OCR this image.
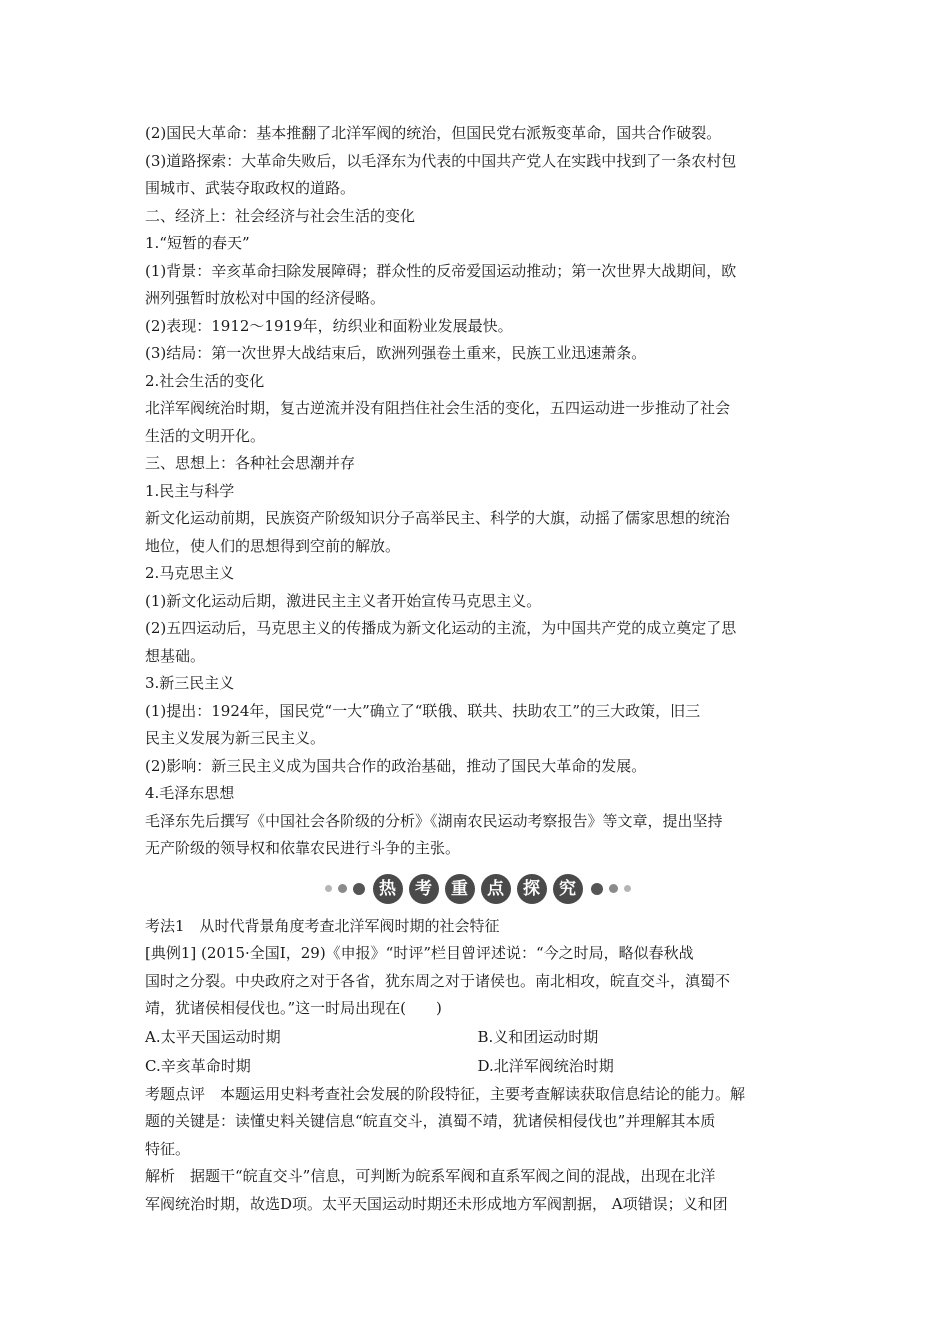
(2)国民大革命：基本推翻了北洋军阀的统治，但国民党右派叛变革命，国共合作破裂。

(3)道路探索：大革命失败后，以毛泽东为代表的中国共产党人在实践中找到了一条农村包

围城市、武装夺取政权的道路。

二、经济上：社会经济与社会生活的变化

1.“短暂的春天”

(1)背景：辛亥革命扫除发展障碍；群众性的反帝爱国运动推动；第一次世界大战期间，欧

洲列强暂时放松对中国的经济侵略。

(2)表现：1912～1919年，纺织业和面粉业发展最快。

(3)结局：第一次世界大战结束后，欧洲列强卷土重来，民族工业迅速萧条。

2.社会生活的变化

北洋军阀统治时期，复古逆流并没有阻挡住社会生活的变化，五四运动进一步推动了社会

生活的文明开化。

三、思想上：各种社会思潮并存

1.民主与科学

新文化运动前期，民族资产阶级知识分子高举民主、科学的大旗，动摇了儒家思想的统治

地位，使人们的思想得到空前的解放。

2.马克思主义

(1)新文化运动后期，激进民主主义者开始宣传马克思主义。

(2)五四运动后，马克思主义的传播成为新文化运动的主流，为中国共产党的成立奠定了思

想基础。

3.新三民主义

(1)提出：1924年，国民党“一大”确立了“联俄、联共、扶助农工”的三大政策，旧三

民主义发展为新三民主义。

(2)影响：新三民主义成为国共合作的政治基础，推动了国民大革命的发展。

4.毛泽东思想

毛泽东先后撰写《中国社会各阶级的分析》《湖南农民运动考察报告》等文章，提出坚持

无产阶级的领导权和依靠农民进行斗争的主张。

热	考	重	点	探	究

考法1　从时代背景角度考查北洋军阀时期的社会特征

[典例1] (2015·全国Ⅰ，29)《申报》“时评”栏目曾评述说：“今之时局，略似春秋战

国时之分裂。中央政府之对于各省，犹东周之对于诸侯也。南北相攻，皖直交斗，滇蜀不

靖，犹诸侯相侵伐也。”这一时局出现在(　　)

A.太平天国运动时期	B.义和团运动时期
C.辛亥革命时期	D.北洋军阀统治时期

考题点评　本题运用史料考查社会发展的阶段特征，主要考查解读获取信息结论的能力。解

题的关键是：读懂史料关键信息“皖直交斗，滇蜀不靖，犹诸侯相侵伐也”并理解其本质

特征。

解析　据题干“皖直交斗”信息，可判断为皖系军阀和直系军阀之间的混战，出现在北洋

军阀统治时期，故选D项。太平天国运动时期还未形成地方军阀割据， A项错误；义和团
